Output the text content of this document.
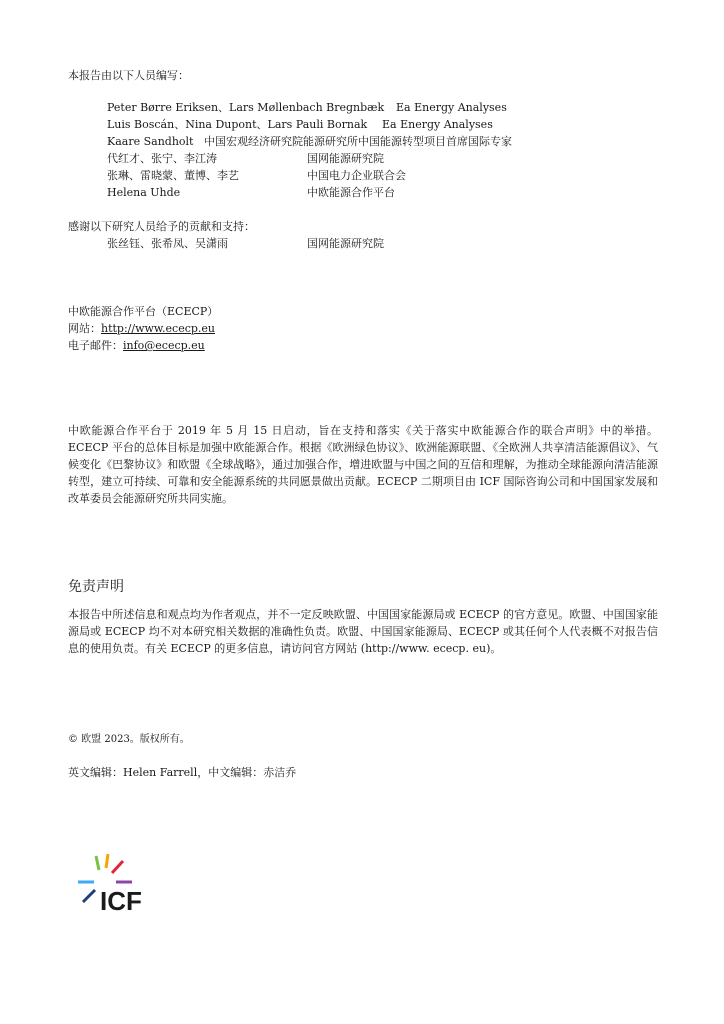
本报告由以下人员编写：
Peter Børre Eriksen、Lars Møllenbach Bregnbæk Ea Energy Analyses
Luis Boscán、Nina Dupont、Lars Pauli Bornak Ea Energy Analyses
Kaare Sandholt 中国宏观经济研究院能源研究所中国能源转型项目首席国际专家
代红才、张宁、李江涛	国网能源研究院
张琳、雷晓蒙、董博、李艺	中国电力企业联合会
Helena Uhde	中欧能源合作平台
感谢以下研究人员给予的贡献和支持：
张丝钰、张希凤、吴潇雨	国网能源研究院
中欧能源合作平台（ECECP）
网站：http://www.ececp.eu
电子邮件：info@ececp.eu
中欧能源合作平台于 2019 年 5 月 15 日启动，旨在支持和落实《关于落实中欧能源合作的联合声明》中的举措。ECECP 平台的总体目标是加强中欧能源合作。根据《欧洲绿色协议》、欧洲能源联盟、《全欧洲人共享清洁能源倡议》、气候变化《巴黎协议》和欧盟《全球战略》，通过加强合作，增进欧盟与中国之间的互信和理解，为推动全球能源向清洁能源转型，建立可持续、可靠和安全能源系统的共同愿景做出贡献。ECECP 二期项目由 ICF 国际咨询公司和中国国家发展和改革委员会能源研究所共同实施。
免责声明
本报告中所述信息和观点均为作者观点，并不一定反映欧盟、中国国家能源局或 ECECP 的官方意见。欧盟、中国国家能源局或 ECECP 均不对本研究相关数据的准确性负责。欧盟、中国国家能源局、ECECP 或其任何个人代表概不对报告信息的使用负责。有关 ECECP 的更多信息，请访问官方网站 (http://www. ececp. eu)。
© 欧盟 2023。版权所有。
英文编辑：Helen Farrell，中文编辑：赤洁乔
ICF
